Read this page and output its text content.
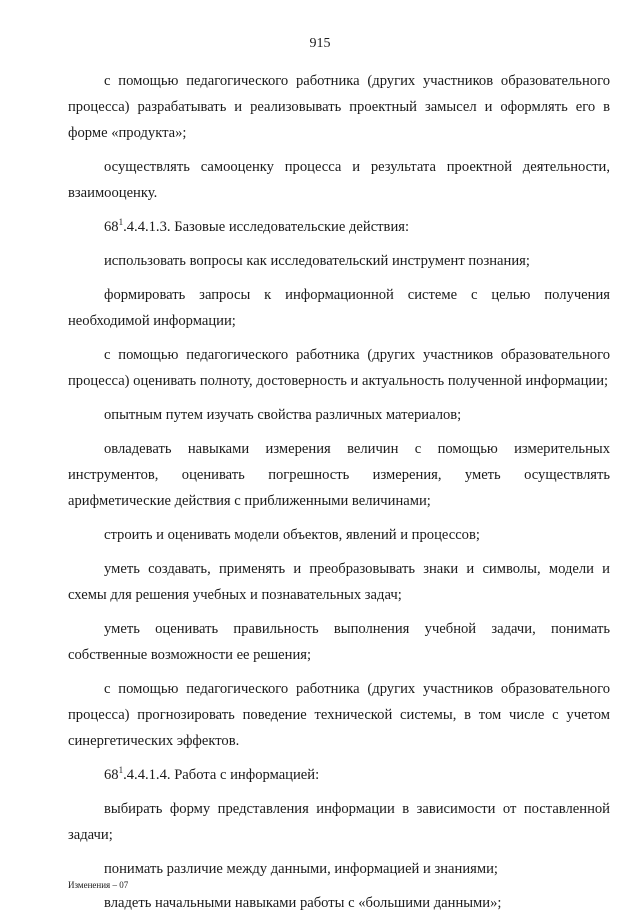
915

с помощью педагогического работника (других участников образовательного процесса) разрабатывать и реализовывать проектный замысел и оформлять его в форме «продукта»;

осуществлять самооценку процесса и результата проектной деятельности, взаимооценку.

$68^1.4.4.1.3$. Базовые исследовательские действия:

использовать вопросы как исследовательский инструмент познания;

формировать запросы к информационной системе с целью получения необходимой информации;

с помощью педагогического работника (других участников образовательного процесса) оценивать полноту, достоверность и актуальность полученной информации;

опытным путем изучать свойства различных материалов;

овладевать навыками измерения величин с помощью измерительных инструментов, оценивать погрешность измерения, уметь осуществлять арифметические действия с приближенными величинами;

строить и оценивать модели объектов, явлений и процессов;

уметь создавать, применять и преобразовывать знаки и символы, модели и схемы для решения учебных и познавательных задач;

уметь оценивать правильность выполнения учебной задачи, понимать собственные возможности ее решения;

с помощью педагогического работника (других участников образовательного процесса) прогнозировать поведение технической системы, в том числе с учетом синергетических эффектов.

$68^1.4.4.1.4$. Работа с информацией:

выбирать форму представления информации в зависимости от поставленной задачи;

понимать различие между данными, информацией и знаниями;

владеть начальными навыками работы с «большими данными»;

Изменения – 07
